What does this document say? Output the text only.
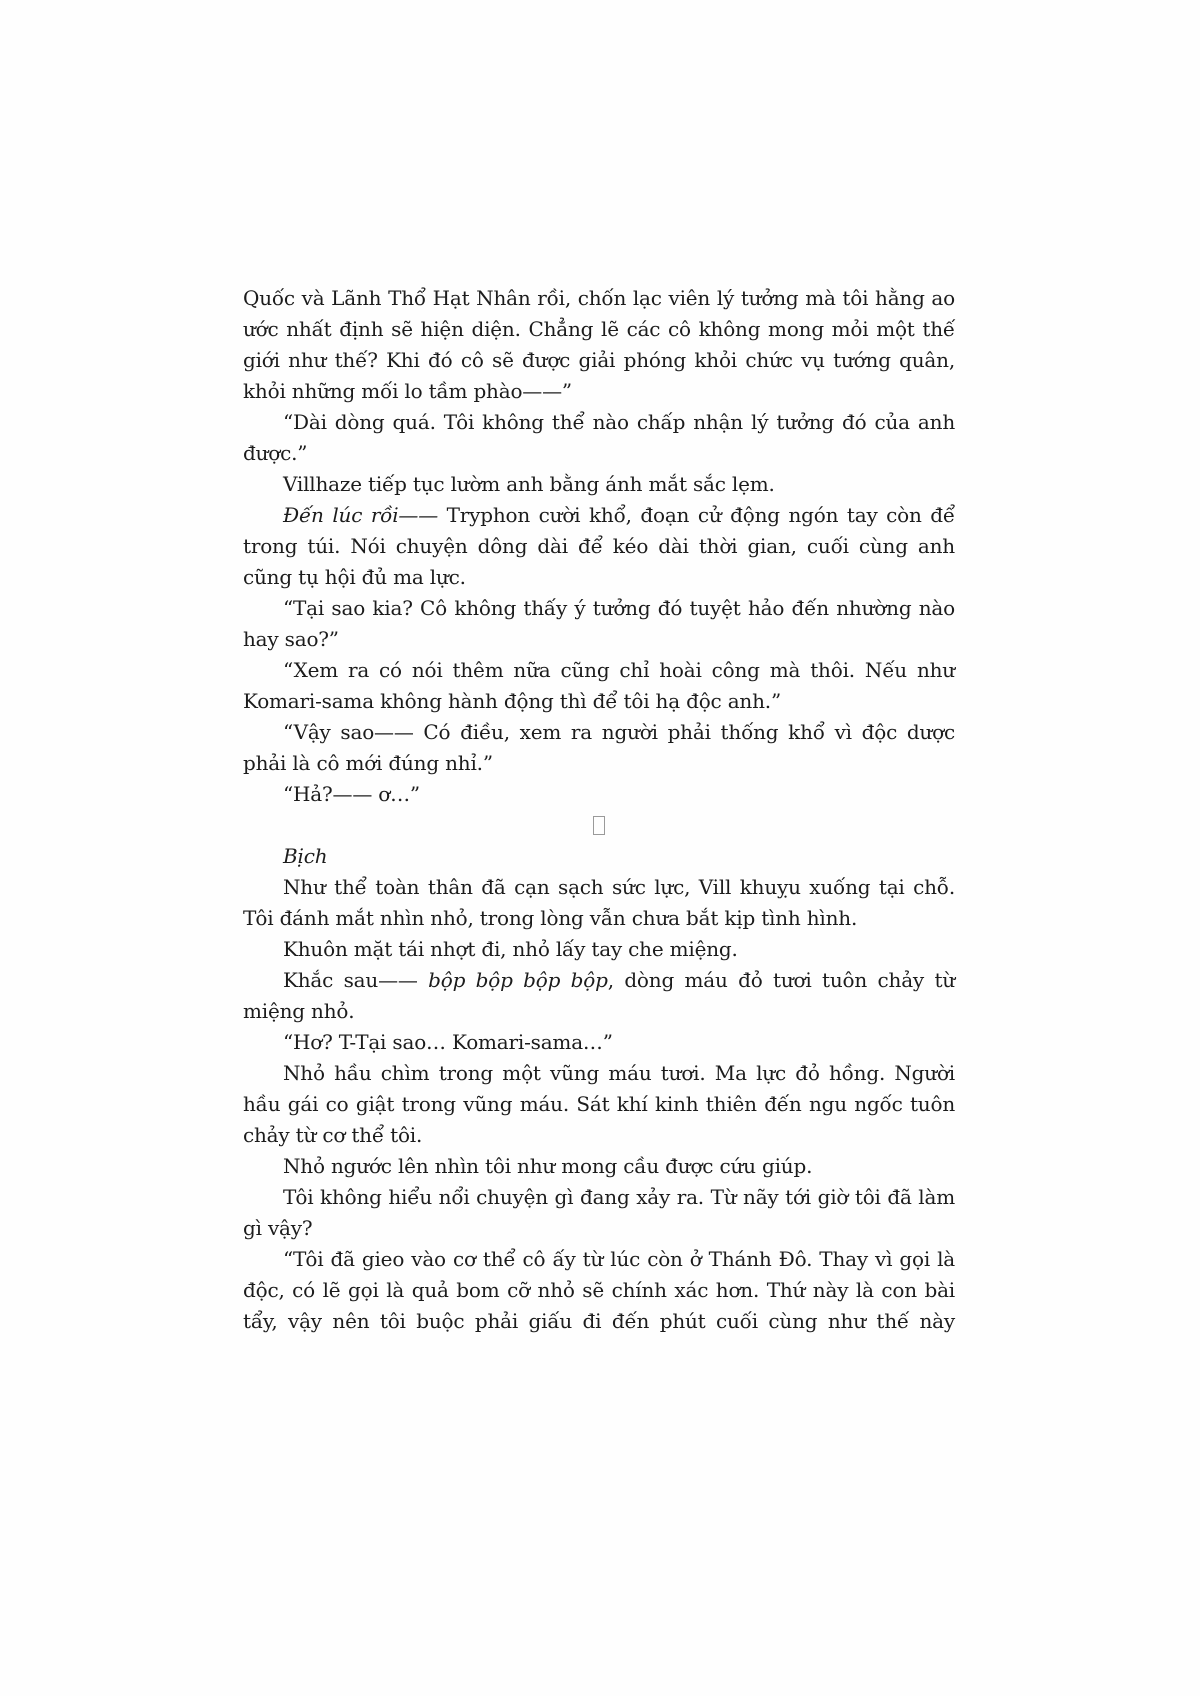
Quốc và Lãnh Thổ Hạt Nhân rồi, chốn lạc viên lý tưởng mà tôi hằng ao ước nhất định sẽ hiện diện. Chẳng lẽ các cô không mong mỏi một thế giới như thế? Khi đó cô sẽ được giải phóng khỏi chức vụ tướng quân, khỏi những mối lo tầm phào——”

“Dài dòng quá. Tôi không thể nào chấp nhận lý tưởng đó của anh được.”

Villhaze tiếp tục lườm anh bằng ánh mắt sắc lẹm.

Đến lúc rồi—— Tryphon cười khổ, đoạn cử động ngón tay còn để trong túi. Nói chuyện dông dài để kéo dài thời gian, cuối cùng anh cũng tụ hội đủ ma lực.

“Tại sao kia? Cô không thấy ý tưởng đó tuyệt hảo đến nhường nào hay sao?”

“Xem ra có nói thêm nữa cũng chỉ hoài công mà thôi. Nếu như Komari-sama không hành động thì để tôi hạ độc anh.”

“Vậy sao—— Có điều, xem ra người phải thống khổ vì độc dược phải là cô mới đúng nhỉ.”

“Hả?—— ơ…”

Bịch

Như thể toàn thân đã cạn sạch sức lực, Vill khuỵu xuống tại chỗ. Tôi đánh mắt nhìn nhỏ, trong lòng vẫn chưa bắt kịp tình hình.

Khuôn mặt tái nhợt đi, nhỏ lấy tay che miệng.

Khắc sau—— bộp bộp bộp bộp, dòng máu đỏ tươi tuôn chảy từ miệng nhỏ.

“Hơ? T-Tại sao… Komari-sama…”

Nhỏ hầu chìm trong một vũng máu tươi. Ma lực đỏ hồng. Người hầu gái co giật trong vũng máu. Sát khí kinh thiên đến ngu ngốc tuôn chảy từ cơ thể tôi.

Nhỏ ngước lên nhìn tôi như mong cầu được cứu giúp.

Tôi không hiểu nổi chuyện gì đang xảy ra. Từ nãy tới giờ tôi đã làm gì vậy?

“Tôi đã gieo vào cơ thể cô ấy từ lúc còn ở Thánh Đô. Thay vì gọi là độc, có lẽ gọi là quả bom cỡ nhỏ sẽ chính xác hơn. Thứ này là con bài tẩy, vậy nên tôi buộc phải giấu đi đến phút cuối cùng như thế này
